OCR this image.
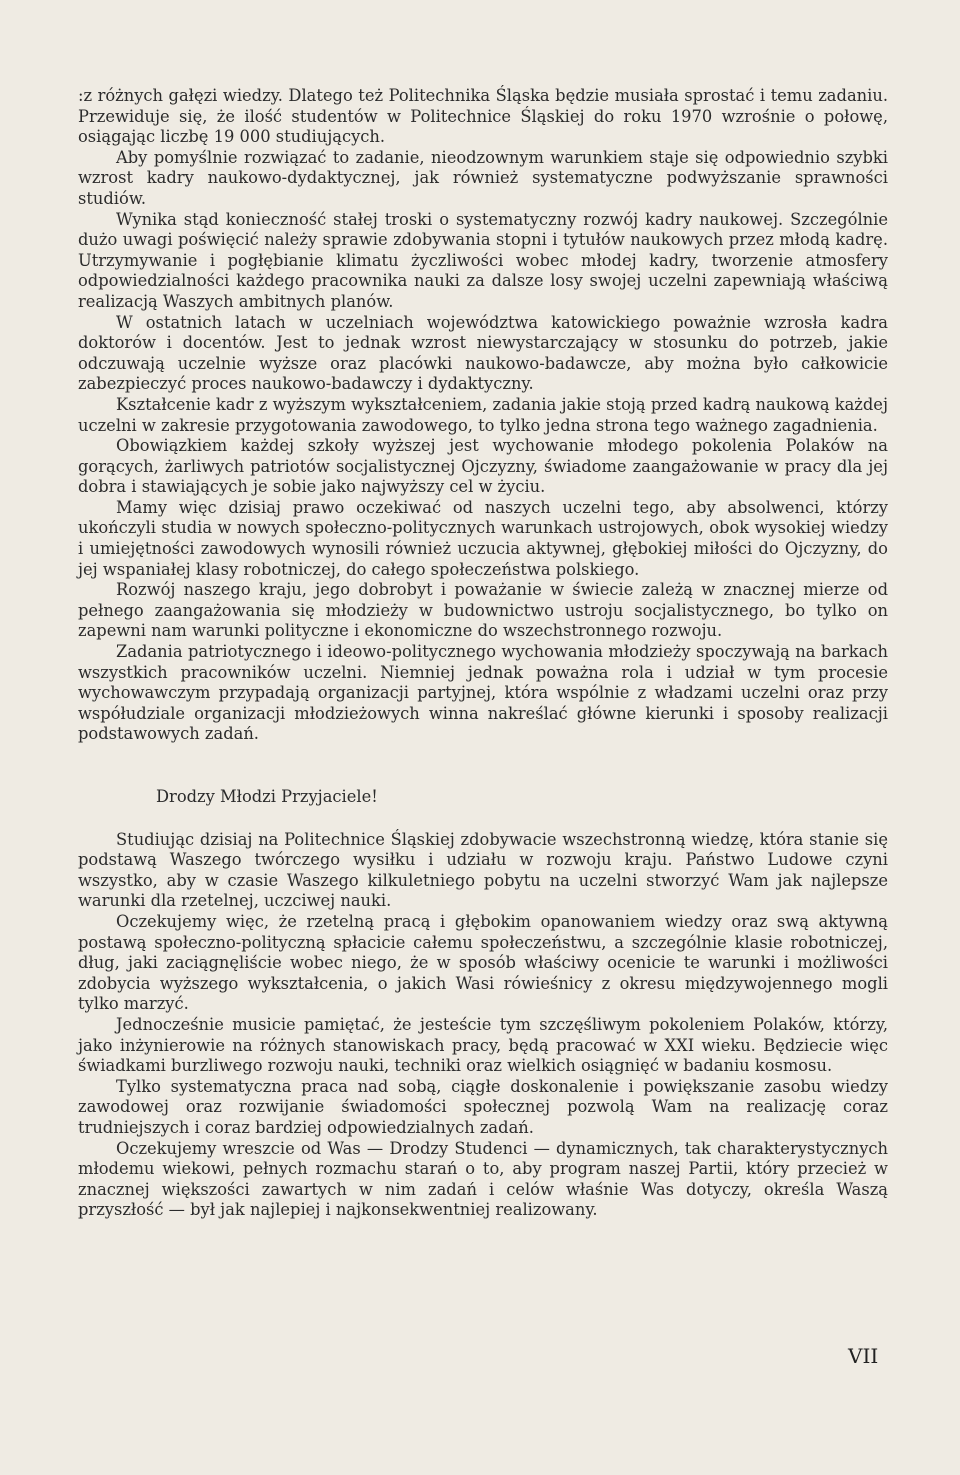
:z różnych gałęzi wiedzy. Dlatego też Politechnika Śląska będzie musiała sprostać i temu zadaniu. Przewiduje się, że ilość studentów w Politechnice Śląskiej do roku 1970 wzrośnie o połowę, osiągając liczbę 19 000 studiujących.

Aby pomyślnie rozwiązać to zadanie, nieodzownym warunkiem staje się odpowiednio szybki wzrost kadry naukowo-dydaktycznej, jak również systematyczne podwyższanie sprawności studiów.

Wynika stąd konieczność stałej troski o systematyczny rozwój kadry naukowej. Szczególnie dużo uwagi poświęcić należy sprawie zdobywania stopni i tytułów naukowych przez młodą kadrę. Utrzymywanie i pogłębianie klimatu życzliwości wobec młodej kadry, tworzenie atmosfery odpowiedzialności każdego pracownika nauki za dalsze losy swojej uczelni zapewniają właściwą realizacją Waszych ambitnych planów.

W ostatnich latach w uczelniach województwa katowickiego poważnie wzrosła kadra doktorów i docentów. Jest to jednak wzrost niewystarczający w stosunku do potrzeb, jakie odczuwają uczelnie wyższe oraz placówki naukowo-badawcze, aby można było całkowicie zabezpieczyć proces naukowo-badawczy i dydaktyczny.

Kształcenie kadr z wyższym wykształceniem, zadania jakie stoją przed kadrą naukową każdej uczelni w zakresie przygotowania zawodowego, to tylko jedna strona tego ważnego zagadnienia.

Obowiązkiem każdej szkoły wyższej jest wychowanie młodego pokolenia Polaków na gorących, żarliwych patriotów socjalistycznej Ojczyzny, świadome zaangażowanie w pracy dla jej dobra i stawiających je sobie jako najwyższy cel w życiu.

Mamy więc dzisiaj prawo oczekiwać od naszych uczelni tego, aby absolwenci, którzy ukończyli studia w nowych społeczno-politycznych warunkach ustrojowych, obok wysokiej wiedzy i umiejętności zawodowych wynosili również uczucia aktywnej, głębokiej miłości do Ojczyzny, do jej wspaniałej klasy robotniczej, do całego społeczeństwa polskiego.

Rozwój naszego kraju, jego dobrobyt i poważanie w świecie zależą w znacznej mierze od pełnego zaangażowania się młodzieży w budownictwo ustroju socjalistycznego, bo tylko on zapewni nam warunki polityczne i ekonomiczne do wszechstronnego rozwoju.

Zadania patriotycznego i ideowo-politycznego wychowania młodzieży spoczywają na barkach wszystkich pracowników uczelni. Niemniej jednak poważna rola i udział w tym procesie wychowawczym przypadają organizacji partyjnej, która wspólnie z władzami uczelni oraz przy współudziale organizacji młodzieżowych winna nakreślać główne kierunki i sposoby realizacji podstawowych zadań.

Drodzy Młodzi Przyjaciele!

Studiując dzisiaj na Politechnice Śląskiej zdobywacie wszechstronną wiedzę, która stanie się podstawą Waszego twórczego wysiłku i udziału w rozwoju kraju. Państwo Ludowe czyni wszystko, aby w czasie Waszego kilkuletniego pobytu na uczelni stworzyć Wam jak najlepsze warunki dla rzetelnej, uczciwej nauki.

Oczekujemy więc, że rzetelną pracą i głębokim opanowaniem wiedzy oraz swą aktywną postawą społeczno-polityczną spłacicie całemu społeczeństwu, a szczególnie klasie robotniczej, dług, jaki zaciągnęliście wobec niego, że w sposób właściwy ocenicie te warunki i możliwości zdobycia wyższego wykształcenia, o jakich Wasi rówieśnicy z okresu międzywojennego mogli tylko marzyć.

Jednocześnie musicie pamiętać, że jesteście tym szczęśliwym pokoleniem Polaków, którzy, jako inżynierowie na różnych stanowiskach pracy, będą pracować w XXI wieku. Będziecie więc świadkami burzliwego rozwoju nauki, techniki oraz wielkich osiągnięć w badaniu kosmosu.

Tylko systematyczna praca nad sobą, ciągłe doskonalenie i powiększanie zasobu wiedzy zawodowej oraz rozwijanie świadomości społecznej pozwolą Wam na realizację coraz trudniejszych i coraz bardziej odpowiedzialnych zadań.

Oczekujemy wreszcie od Was — Drodzy Studenci — dynamicznych, tak charakterystycznych młodemu wiekowi, pełnych rozmachu starań o to, aby program naszej Partii, który przecież w znacznej większości zawartych w nim zadań i celów właśnie Was dotyczy, określa Waszą przyszłość — był jak najlepiej i najkonsekwentniej realizowany.

VII
